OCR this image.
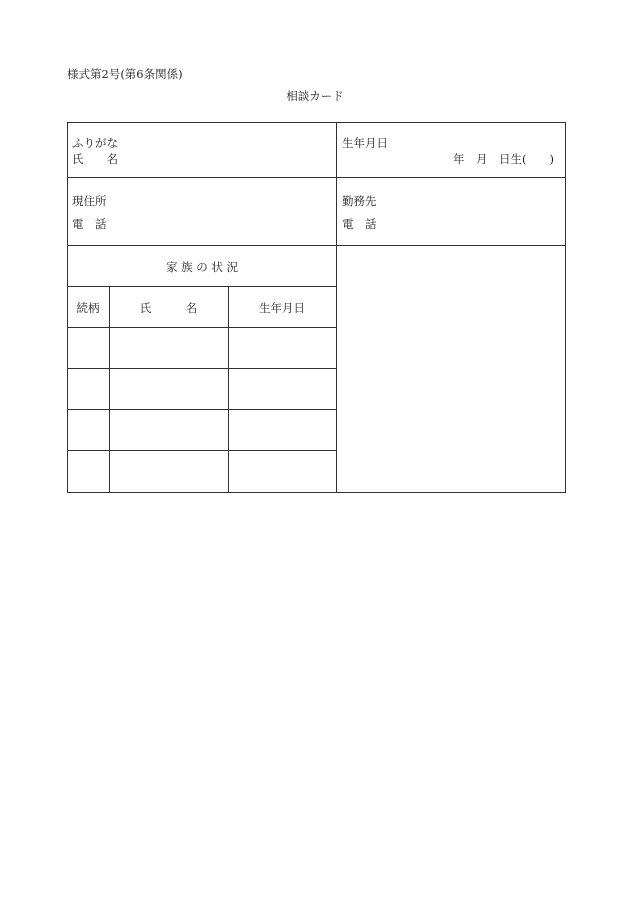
様式第2号(第6条関係)
相談カード
ふりがな
氏　　名
生年月日
年　月　日生(　　)
現住所
電　話
勤務先
電　話
家 族 の 状 況
続柄	氏　　　名	生年月日
